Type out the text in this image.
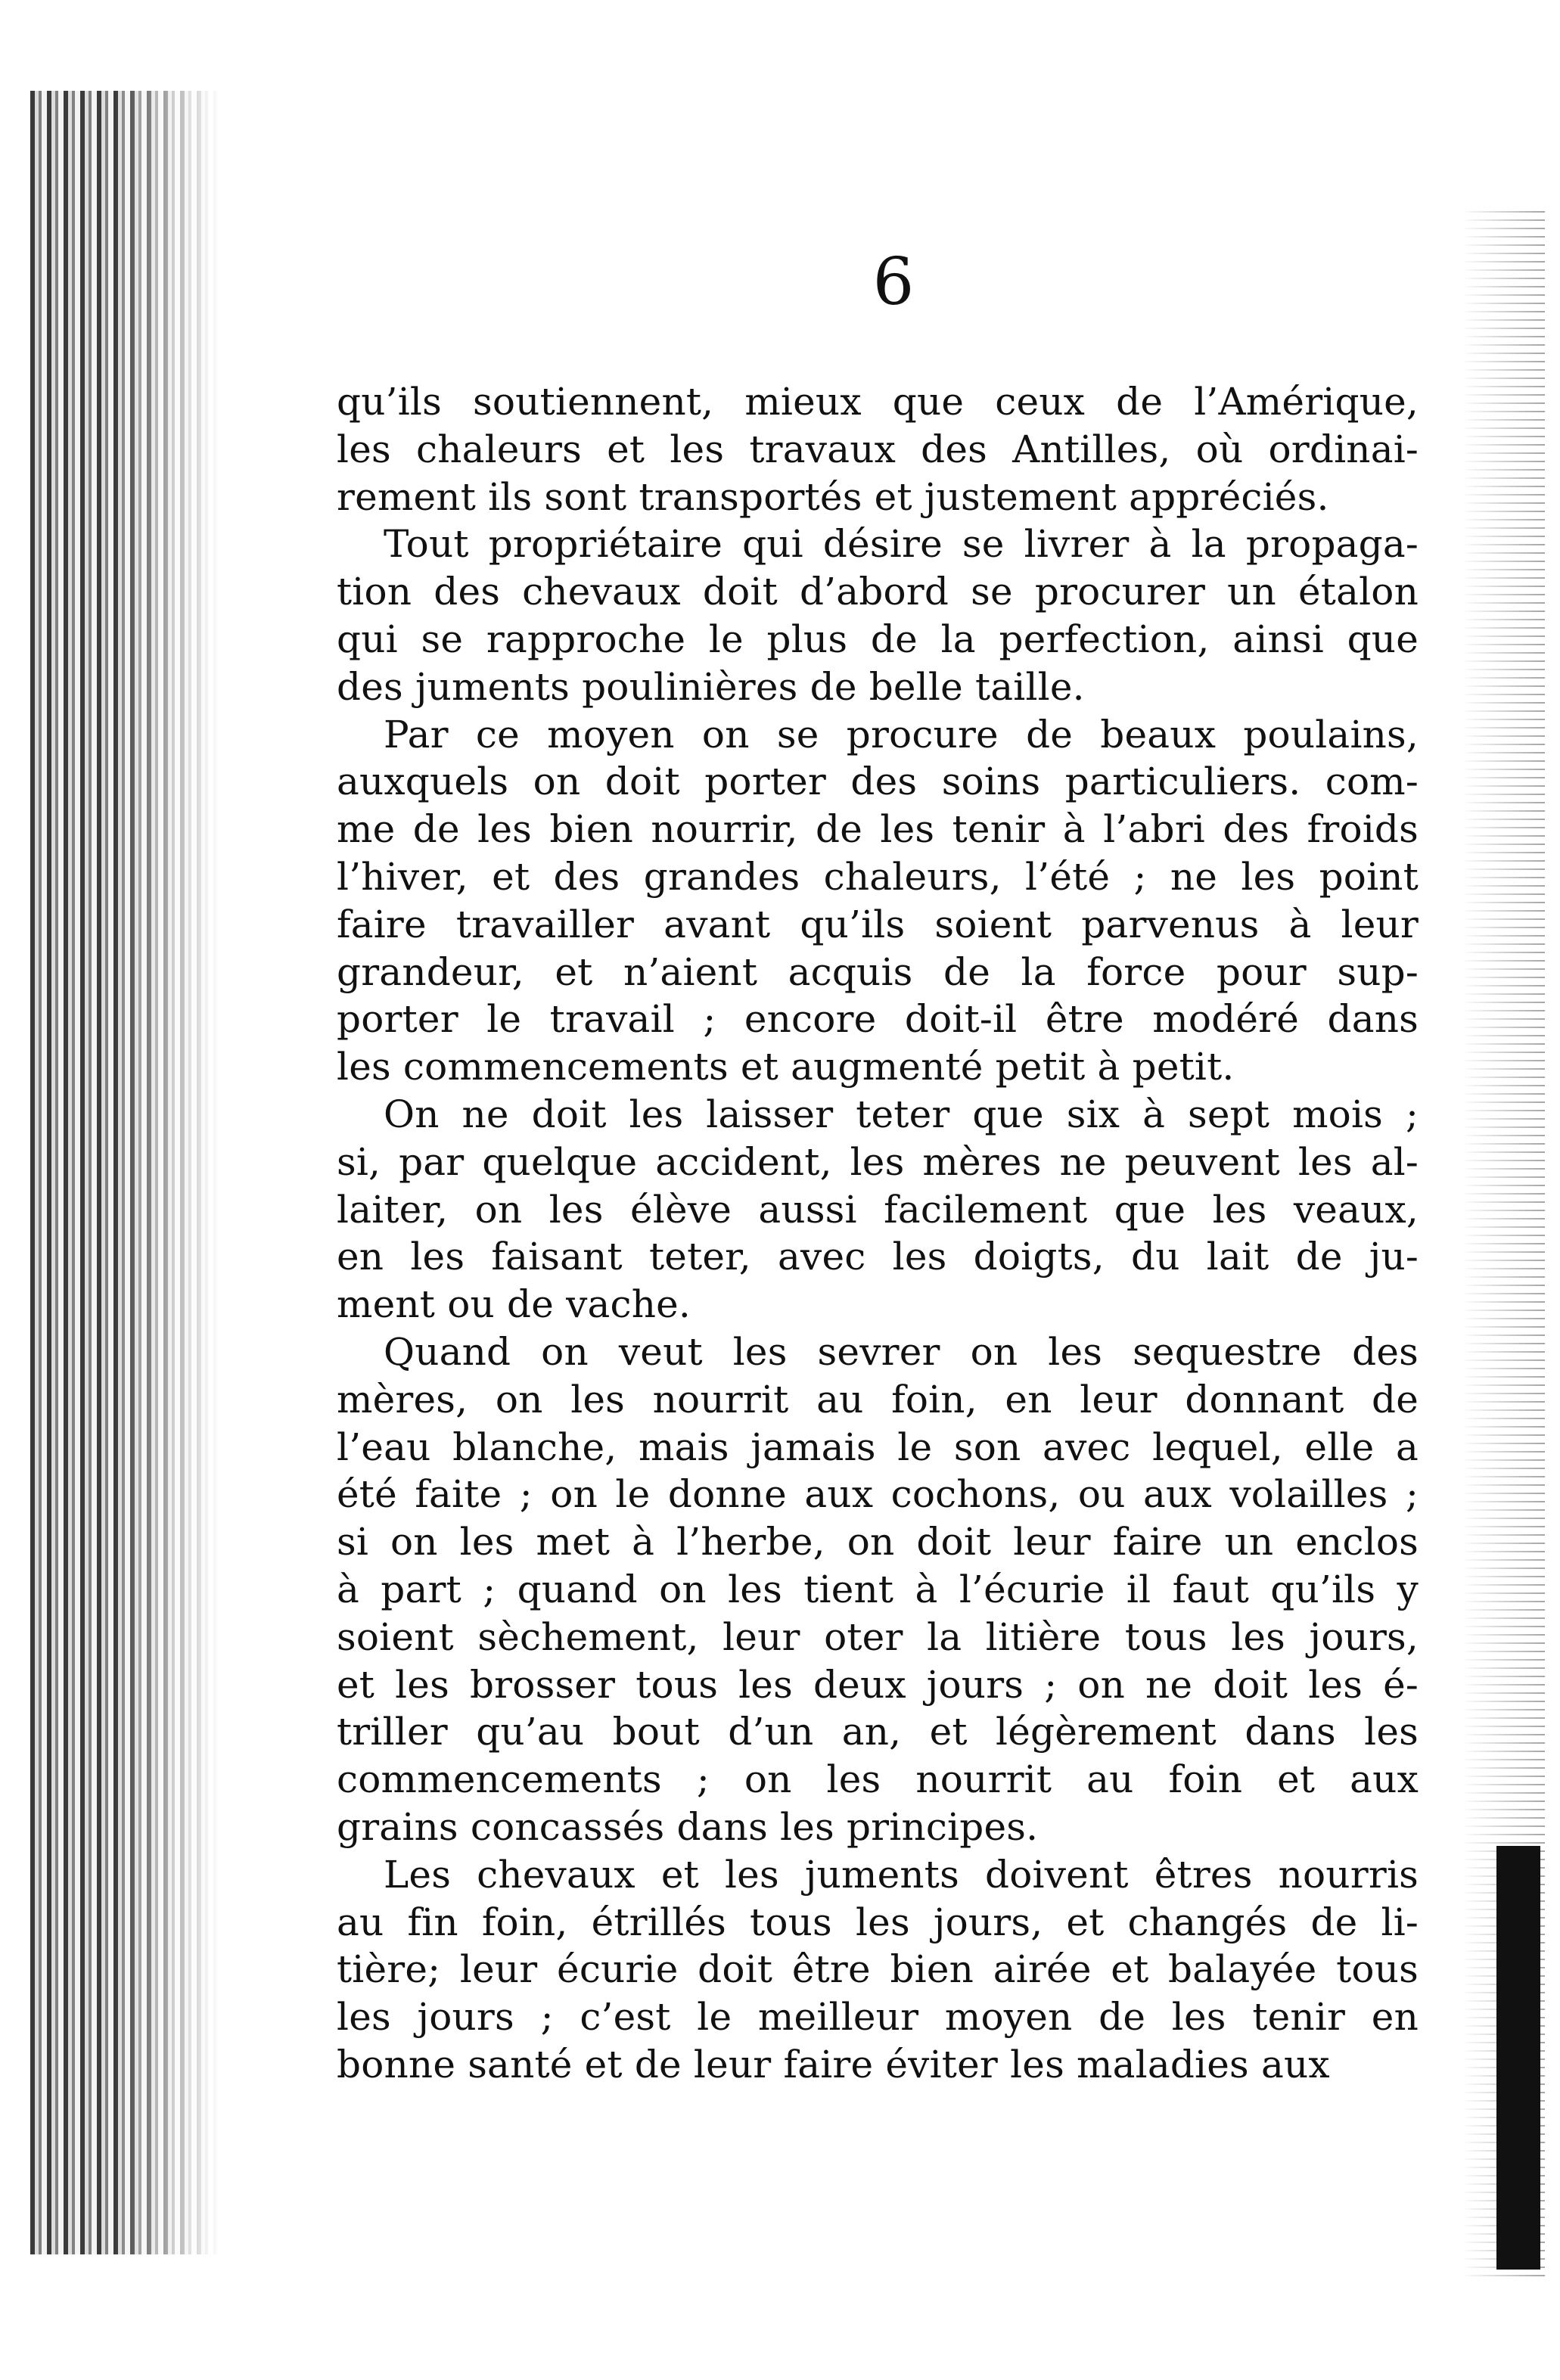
6
qu’ils soutiennent, mieux que ceux de l’Amérique,
les chaleurs et les travaux des Antilles, où ordinai-
rement ils sont transportés et justement appréciés.
Tout propriétaire qui désire se livrer à la propaga-
tion des chevaux doit d’abord se procurer un étalon
qui se rapproche le plus de la perfection, ainsi que
des juments poulinières de belle taille.
Par ce moyen on se procure de beaux poulains,
auxquels on doit porter des soins particuliers. com-
me de les bien nourrir, de les tenir à l’abri des froids
l’hiver, et des grandes chaleurs, l’été ; ne les point
faire travailler avant qu’ils soient parvenus à leur
grandeur, et n’aient acquis de la force pour sup-
porter le travail ; encore doit-il être modéré dans
les commencements et augmenté petit à petit.
On ne doit les laisser teter que six à sept mois ;
si, par quelque accident, les mères ne peuvent les al-
laiter, on les élève aussi facilement que les veaux,
en les faisant teter, avec les doigts, du lait de ju-
ment ou de vache.
Quand on veut les sevrer on les sequestre des
mères, on les nourrit au foin, en leur donnant de
l’eau blanche, mais jamais le son avec lequel, elle a
été faite ; on le donne aux cochons, ou aux volailles ;
si on les met à l’herbe, on doit leur faire un enclos
à part ; quand on les tient à l’écurie il faut qu’ils y
soient sèchement, leur oter la litière tous les jours,
et les brosser tous les deux jours ; on ne doit les é-
triller qu’au bout d’un an, et légèrement dans les
commencements ; on les nourrit au foin et aux
grains concassés dans les principes.
Les chevaux et les juments doivent êtres nourris
au fin foin, étrillés tous les jours, et changés de li-
tière; leur écurie doit être bien airée et balayée tous
les jours ; c’est le meilleur moyen de les tenir en
bonne santé et de leur faire éviter les maladies aux
